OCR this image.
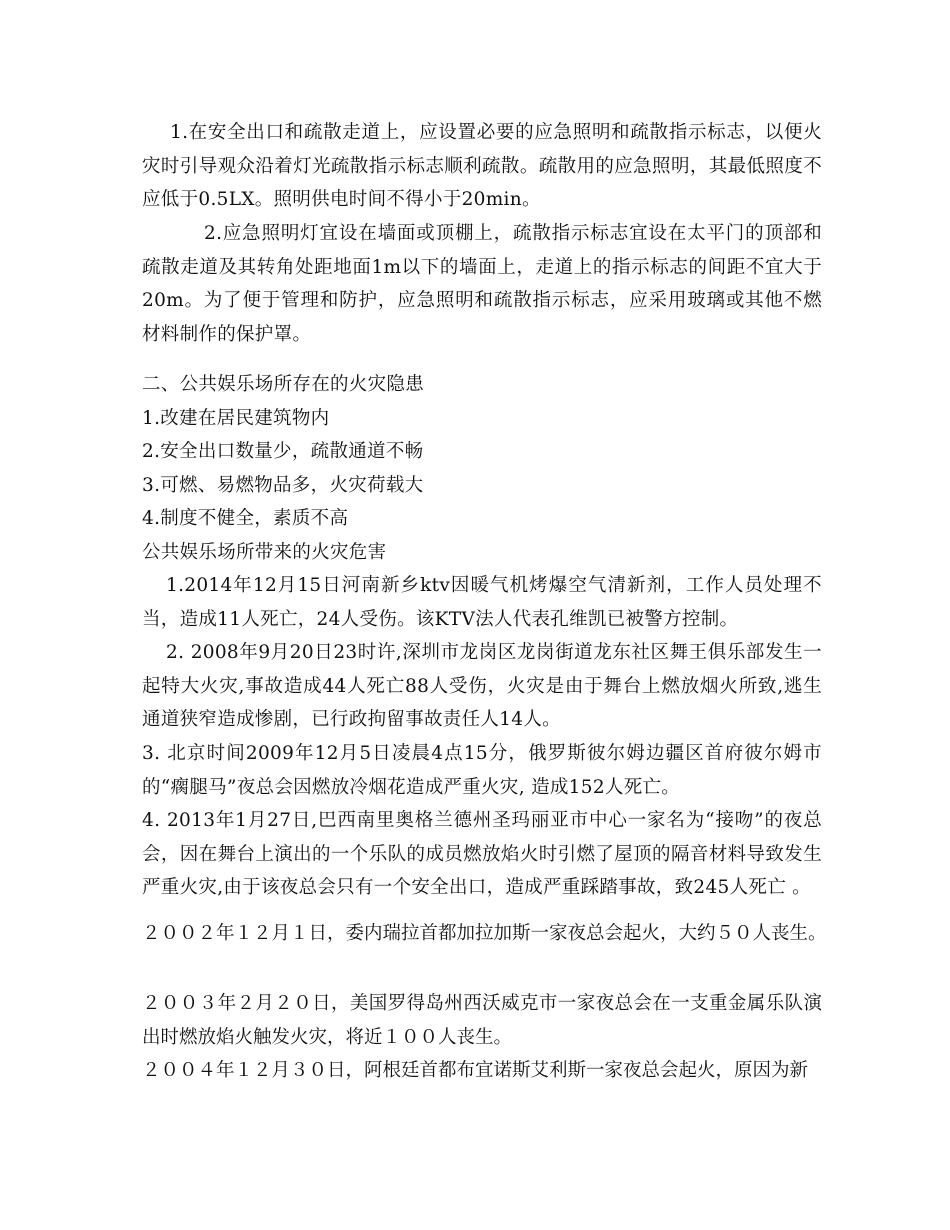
1.在安全出口和疏散走道上，应设置必要的应急照明和疏散指示标志，以便火灾时引导观众沿着灯光疏散指示标志顺利疏散。疏散用的应急照明，其最低照度不应低于0.5LX。照明供电时间不得小于20min。

2.应急照明灯宜设在墙面或顶棚上，疏散指示标志宜设在太平门的顶部和疏散走道及其转角处距地面1m以下的墙面上，走道上的指示标志的间距不宜大于20m。为了便于管理和防护，应急照明和疏散指示标志，应采用玻璃或其他不燃材料制作的保护罩。

二、公共娱乐场所存在的火灾隐患

1.改建在居民建筑物内

2.安全出口数量少，疏散通道不畅

3.可燃、易燃物品多，火灾荷载大

4.制度不健全，素质不高

公共娱乐场所带来的火灾危害

1.2014年12月15日河南新乡ktv因暖气机烤爆空气清新剂，工作人员处理不当，造成11人死亡，24人受伤。该KTV法人代表孔维凯已被警方控制。

2. 2008年9月20日23时许,深圳市龙岗区龙岗街道龙东社区舞王俱乐部发生一起特大火灾,事故造成44人死亡88人受伤，火灾是由于舞台上燃放烟火所致,逃生通道狭窄造成惨剧，已行政拘留事故责任人14人。

3. 北京时间2009年12月5日凌晨4点15分，俄罗斯彼尔姆边疆区首府彼尔姆市的“瘸腿马”夜总会因燃放冷烟花造成严重火灾, 造成152人死亡。

4. 2013年1月27日,巴西南里奥格兰德州圣玛丽亚市中心一家名为“接吻”的夜总会，因在舞台上演出的一个乐队的成员燃放焰火时引燃了屋顶的隔音材料导致发生严重火灾,由于该夜总会只有一个安全出口，造成严重踩踏事故，致245人死亡 。

２００２年１２月１日，委内瑞拉首都加拉加斯一家夜总会起火，大约５０人丧生。

２００３年２月２０日，美国罗得岛州西沃威克市一家夜总会在一支重金属乐队演出时燃放焰火触发火灾，将近１００人丧生。

２００４年１２月３０日，阿根廷首都布宜诺斯艾利斯一家夜总会起火，原因为新
